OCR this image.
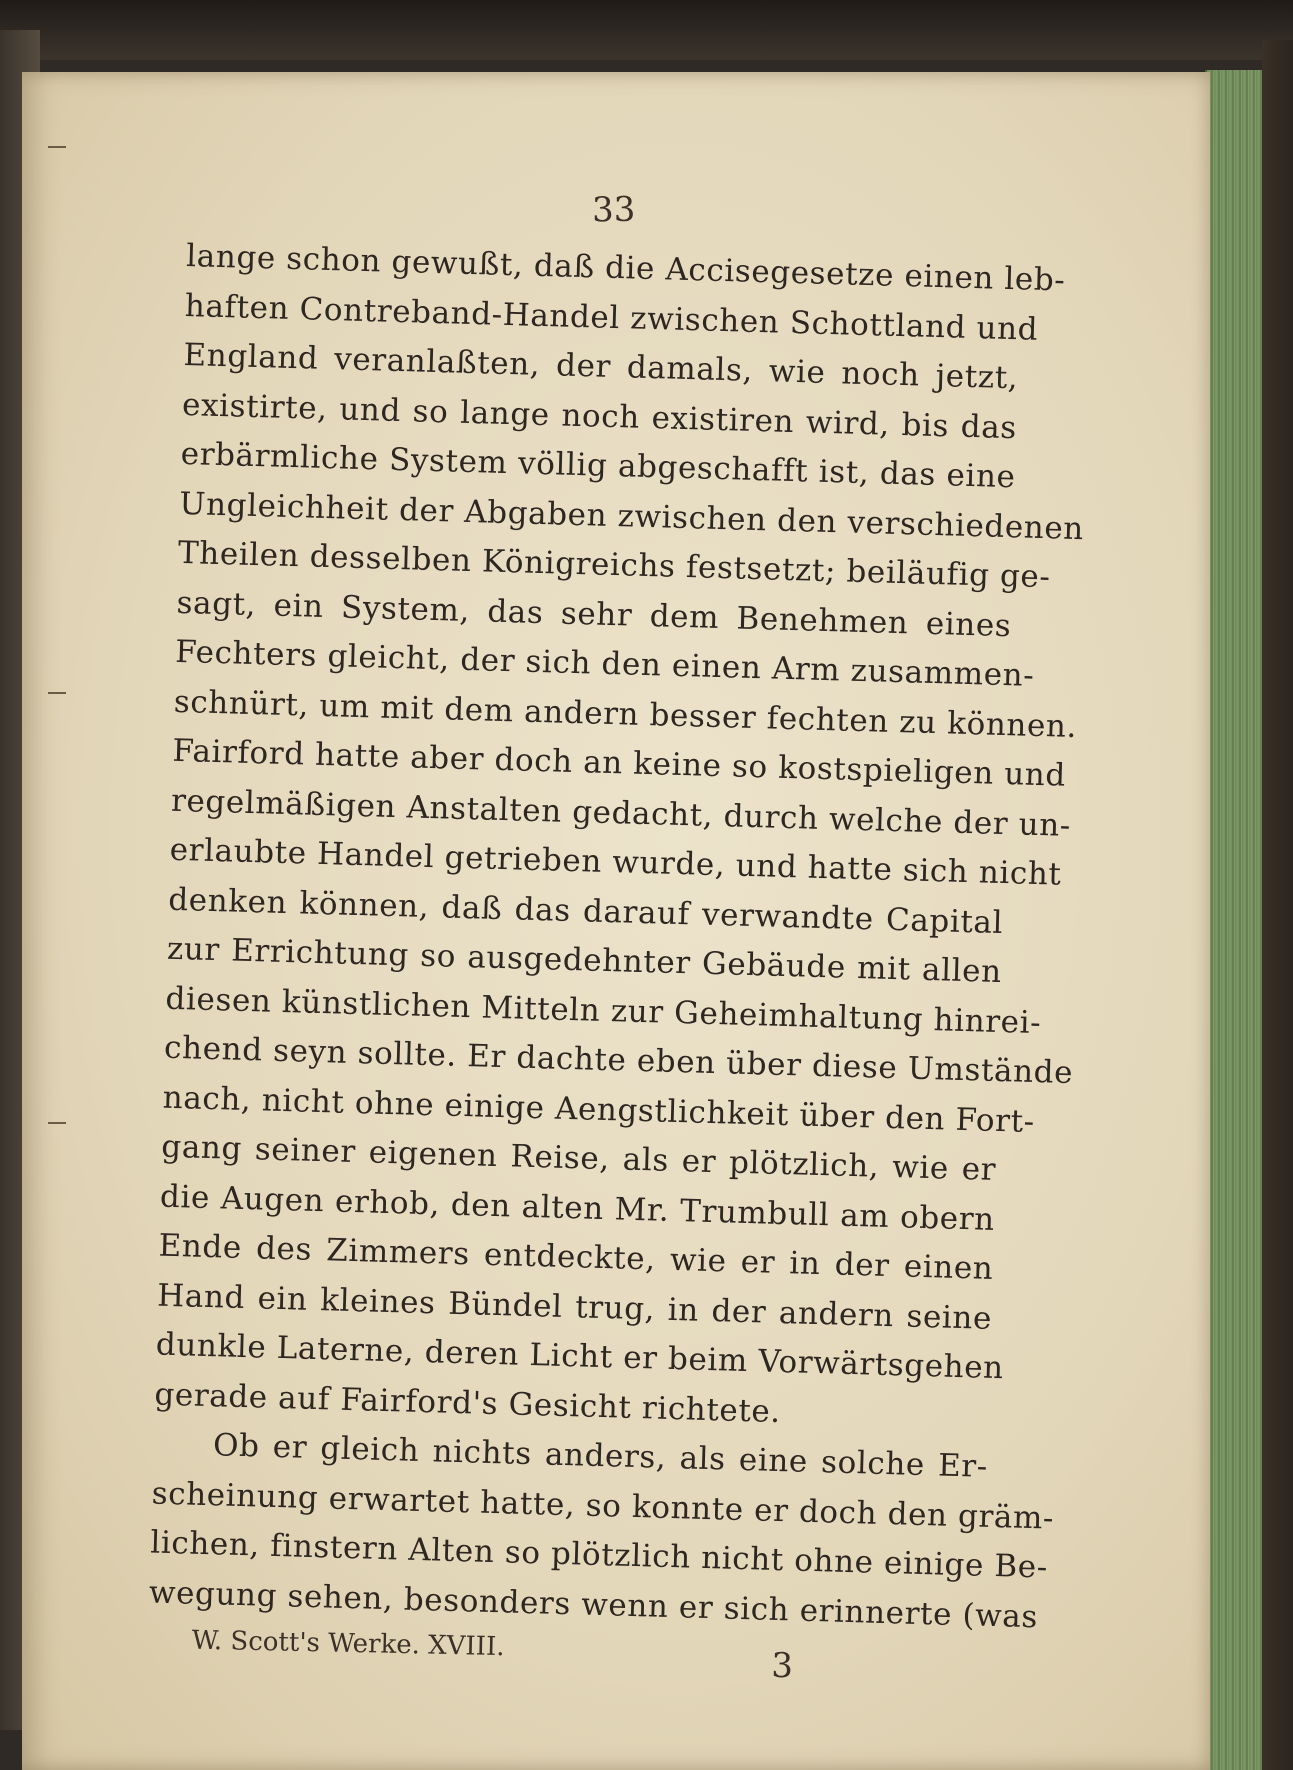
33
lange schon gewußt, daß die Accisegesetze einen leb-
haften Contreband-Handel zwischen Schottland und
England veranlaßten, der damals, wie noch jetzt,
existirte, und so lange noch existiren wird, bis das
erbärmliche System völlig abgeschafft ist, das eine
Ungleichheit der Abgaben zwischen den verschiedenen
Theilen desselben Königreichs festsetzt; beiläufig ge-
sagt, ein System, das sehr dem Benehmen eines
Fechters gleicht, der sich den einen Arm zusammen-
schnürt, um mit dem andern besser fechten zu können.
Fairford hatte aber doch an keine so kostspieligen und
regelmäßigen Anstalten gedacht, durch welche der un-
erlaubte Handel getrieben wurde, und hatte sich nicht
denken können, daß das darauf verwandte Capital
zur Errichtung so ausgedehnter Gebäude mit allen
diesen künstlichen Mitteln zur Geheimhaltung hinrei-
chend seyn sollte. Er dachte eben über diese Umstände
nach, nicht ohne einige Aengstlichkeit über den Fort-
gang seiner eigenen Reise, als er plötzlich, wie er
die Augen erhob, den alten Mr. Trumbull am obern
Ende des Zimmers entdeckte, wie er in der einen
Hand ein kleines Bündel trug, in der andern seine
dunkle Laterne, deren Licht er beim Vorwärtsgehen
gerade auf Fairford's Gesicht richtete.
Ob er gleich nichts anders, als eine solche Er-
scheinung erwartet hatte, so konnte er doch den gräm-
lichen, finstern Alten so plötzlich nicht ohne einige Be-
wegung sehen, besonders wenn er sich erinnerte (was
W. Scott's Werke. XVIII.
3
